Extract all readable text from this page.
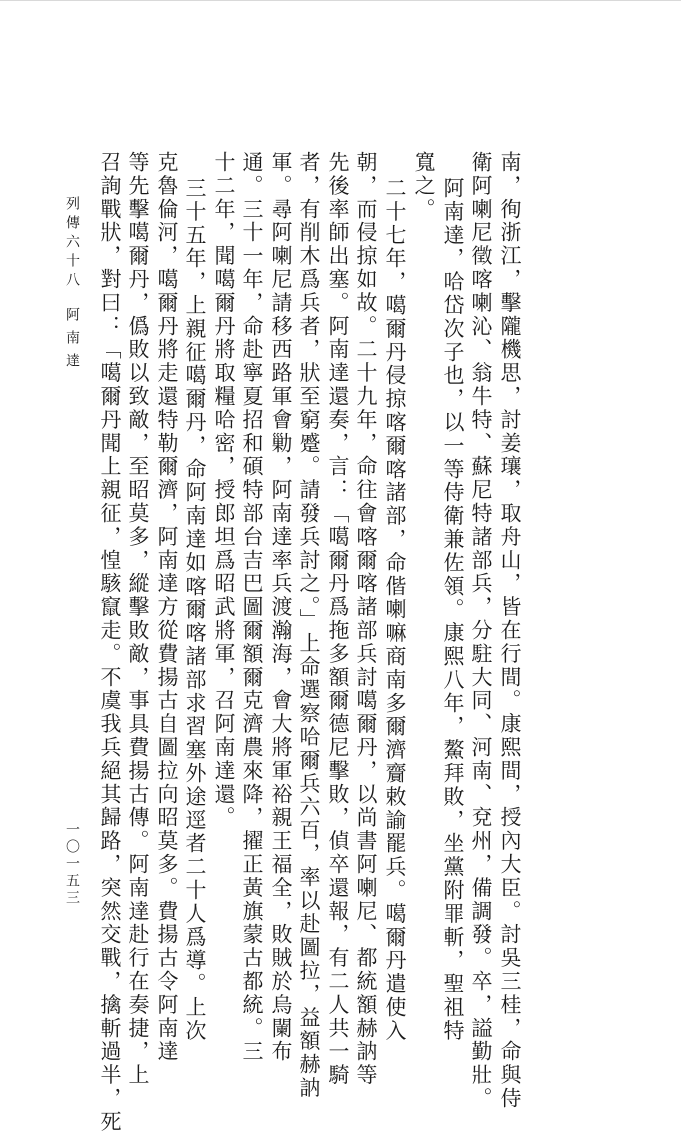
南，徇浙江，擊隴機思，討姜瓖，取舟山，皆在行間。康熙間，授內大臣。討吳三桂，命與侍
衛阿喇尼徵喀喇沁、翁牛特、蘇尼特諸部兵，分駐大同、河南、兗州，備調發。卒，謚勤壯。
阿南達，哈岱次子也，以一等侍衛兼佐領。康熙八年，鰲拜敗，坐黨附罪斬，聖祖特
寬之。
二十七年，噶爾丹侵掠喀爾喀諸部，命偕喇嘛商南多爾濟齎敕諭罷兵。噶爾丹遣使入
朝，而侵掠如故。二十九年，命往會喀爾喀諸部兵討噶爾丹，以尚書阿喇尼、都統額赫訥等
先後率師出塞。阿南達還奏，言：「噶爾丹爲拖多額爾德尼擊敗，偵卒還報，有二人共一騎
者，有削木爲兵者，狀至窮蹙。請發兵討之。」上命選察哈爾兵六百，率以赴圖拉，益額赫訥
軍。尋阿喇尼請移西路軍會勦，阿南達率兵渡瀚海，會大將軍裕親王福全，敗賊於烏闌布
通。三十一年，命赴寧夏招和碩特部台吉巴圖爾額爾克濟農來降，擢正黃旗蒙古都統。三
十二年，聞噶爾丹將取糧哈密，授郎坦爲昭武將軍，召阿南達還。
三十五年，上親征噶爾丹，命阿南達如喀爾喀諸部求習塞外途逕者二十人爲導。上次
克魯倫河，噶爾丹將走還特勒爾濟，阿南達方從費揚古自圖拉向昭莫多。費揚古令阿南達
等先擊噶爾丹，僞敗以致敵，至昭莫多，縱擊敗敵，事具費揚古傳。阿南達赴行在奏捷，上
召詢戰狀，對曰：「噶爾丹聞上親征，惶駭竄走。不虞我兵絕其歸路，突然交戰，擒斬過半，死
列傳六十八
阿南達
一〇一五三
